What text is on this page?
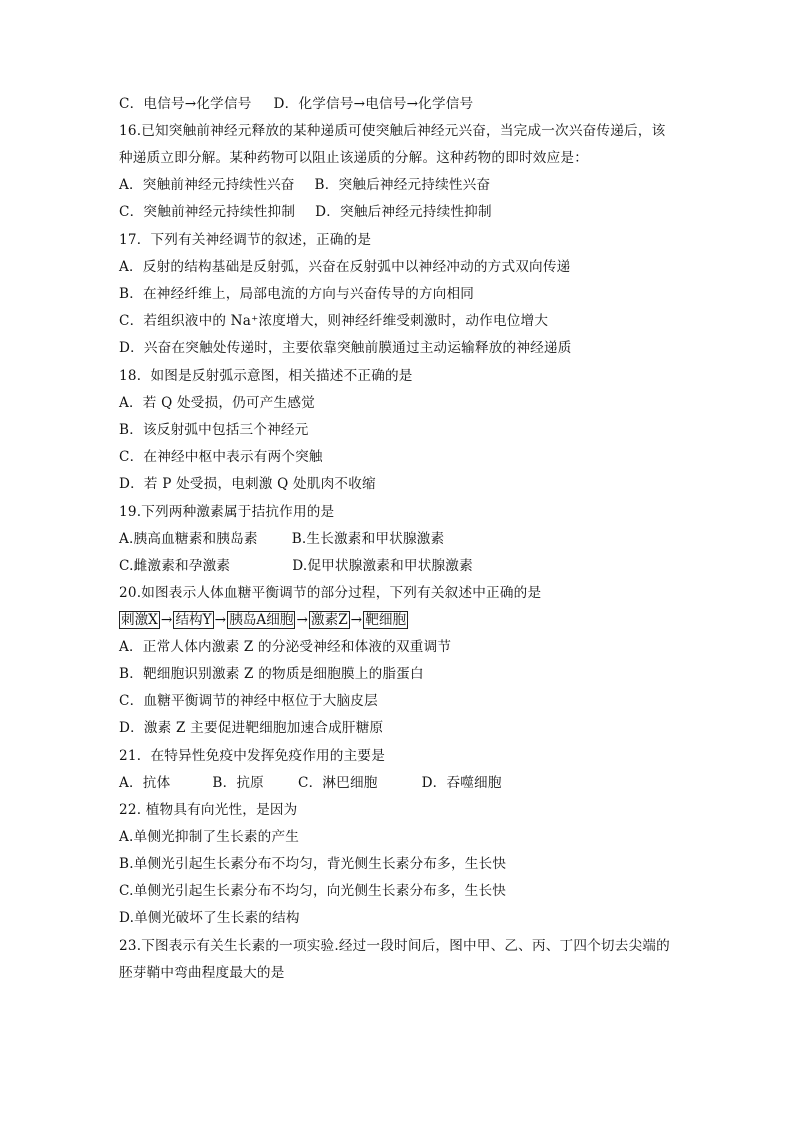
C．电信号→化学信号 D．化学信号→电信号→化学信号
16.已知突触前神经元释放的某种递质可使突触后神经元兴奋，当完成一次兴奋传递后，该
种递质立即分解。某种药物可以阻止该递质的分解。这种药物的即时效应是：
A．突触前神经元持续性兴奋 B．突触后神经元持续性兴奋
C．突触前神经元持续性抑制 D．突触后神经元持续性抑制
17．下列有关神经调节的叙述，正确的是
A．反射的结构基础是反射弧，兴奋在反射弧中以神经冲动的方式双向传递
B．在神经纤维上，局部电流的方向与兴奋传导的方向相同
C．若组织液中的 Na⁺浓度增大，则神经纤维受刺激时，动作电位增大
D．兴奋在突触处传递时，主要依靠突触前膜通过主动运输释放的神经递质
18．如图是反射弧示意图，相关描述不正确的是
A．若 Q 处受损，仍可产生感觉
B．该反射弧中包括三个神经元
C．在神经中枢中表示有两个突触
D．若 P 处受损，电刺激 Q 处肌肉不收缩
19.下列两种激素属于拮抗作用的是
A.胰高血糖素和胰岛素	B.生长激素和甲状腺激素
C.雌激素和孕激素	D.促甲状腺激素和甲状腺激素
20.如图表示人体血糖平衡调节的部分过程，下列有关叙述中正确的是
刺激X → 结构Y → 胰岛A细胞 → 激素Z → 靶细胞
A．正常人体内激素 Z 的分泌受神经和体液的双重调节
B．靶细胞识别激素 Z 的物质是细胞膜上的脂蛋白
C．血糖平衡调节的神经中枢位于大脑皮层
D．激素 Z 主要促进靶细胞加速合成肝糖原
21．在特异性免疫中发挥免疫作用的主要是
A．抗体	B．抗原	C．淋巴细胞	D．吞噬细胞
22. 植物具有向光性，是因为
A.单侧光抑制了生长素的产生
B.单侧光引起生长素分布不均匀，背光侧生长素分布多，生长快
C.单侧光引起生长素分布不均匀，向光侧生长素分布多，生长快
D.单侧光破坏了生长素的结构
23.下图表示有关生长素的一项实验.经过一段时间后，图中甲、乙、丙、丁四个切去尖端的
胚芽鞘中弯曲程度最大的是
